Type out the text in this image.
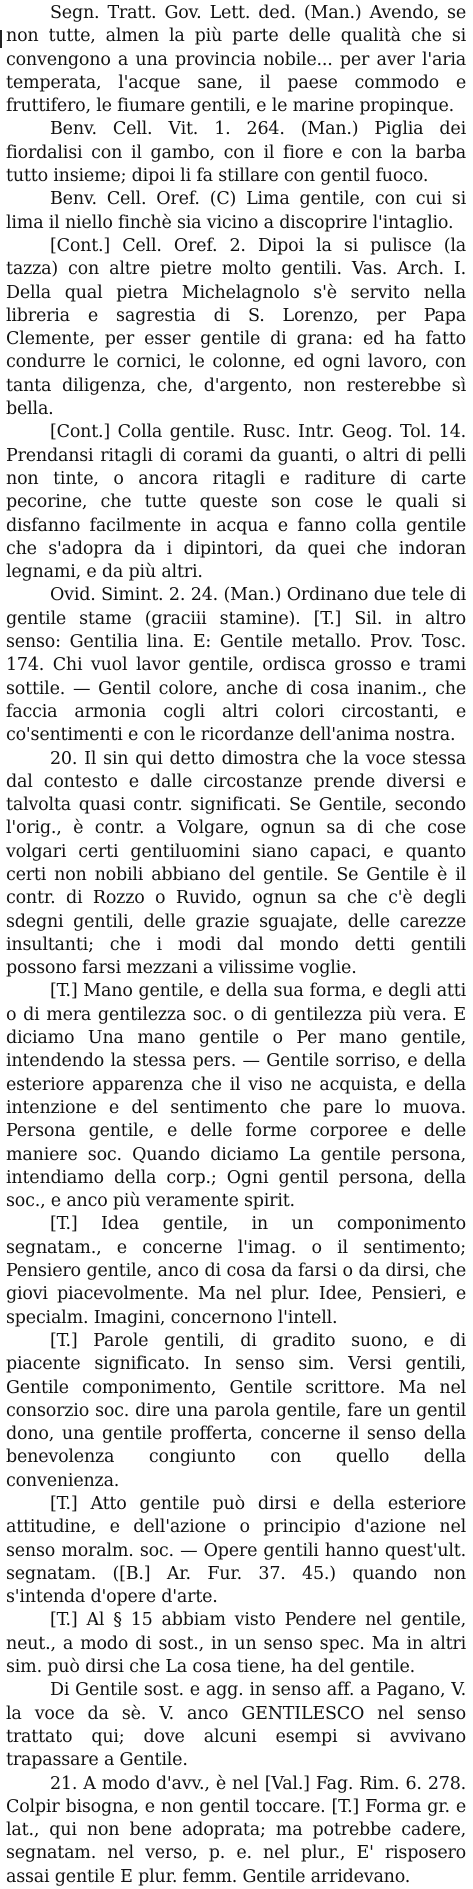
Segn. Tratt. Gov. Lett. ded. (Man.) Avendo, se non tutte, almen la più parte delle qualità che si convengono a una provincia nobile... per aver l'aria temperata, l'acque sane, il paese commodo e fruttifero, le fiumare gentili, e le marine propinque.

Benv. Cell. Vit. 1. 264. (Man.) Piglia dei fiordalisi con il gambo, con il fiore e con la barba tutto insieme; dipoi li fa stillare con gentil fuoco.

Benv. Cell. Oref. (C) Lima gentile, con cui si lima il niello finchè sia vicino a discoprire l'intaglio.

[Cont.] Cell. Oref. 2. Dipoi la si pulisce (la tazza) con altre pietre molto gentili. Vas. Arch. I. Della qual pietra Michelagnolo s'è servito nella libreria e sagrestia di S. Lorenzo, per Papa Clemente, per esser gentile di grana: ed ha fatto condurre le cornici, le colonne, ed ogni lavoro, con tanta diligenza, che, d'argento, non resterebbe sì bella.

[Cont.] Colla gentile. Rusc. Intr. Geog. Tol. 14. Prendansi ritagli di corami da guanti, o altri di pelli non tinte, o ancora ritagli e raditure di carte pecorine, che tutte queste son cose le quali si disfanno facilmente in acqua e fanno colla gentile che s'adopra da i dipintori, da quei che indoran legnami, e da più altri.

Ovid. Simint. 2. 24. (Man.) Ordinano due tele di gentile stame (graciii stamine). [T.] Sil. in altro senso: Gentilia lina. E: Gentile metallo. Prov. Tosc. 174. Chi vuol lavor gentile, ordisca grosso e trami sottile. — Gentil colore, anche di cosa inanim., che faccia armonia cogli altri colori circostanti, e co'sentimenti e con le ricordanze dell'anima nostra.

20. Il sin qui detto dimostra che la voce stessa dal contesto e dalle circostanze prende diversi e talvolta quasi contr. significati. Se Gentile, secondo l'orig., è contr. a Volgare, ognun sa di che cose volgari certi gentiluomini siano capaci, e quanto certi non nobili abbiano del gentile. Se Gentile è il contr. di Rozzo o Ruvido, ognun sa che c'è degli sdegni gentili, delle grazie sguajate, delle carezze insultanti; che i modi dal mondo detti gentili possono farsi mezzani a vilissime voglie.

[T.] Mano gentile, e della sua forma, e degli atti o di mera gentilezza soc. o di gentilezza più vera. E diciamo Una mano gentile o Per mano gentile, intendendo la stessa pers. — Gentile sorriso, e della esteriore apparenza che il viso ne acquista, e della intenzione e del sentimento che pare lo muova. Persona gentile, e delle forme corporee e delle maniere soc. Quando diciamo La gentile persona, intendiamo della corp.; Ogni gentil persona, della soc., e anco più veramente spirit.

[T.] Idea gentile, in un componimento segnatam., e concerne l'imag. o il sentimento; Pensiero gentile, anco di cosa da farsi o da dirsi, che giovi piacevolmente. Ma nel plur. Idee, Pensieri, e specialm. Imagini, concernono l'intell.

[T.] Parole gentili, di gradito suono, e di piacente significato. In senso sim. Versi gentili, Gentile componimento, Gentile scrittore. Ma nel consorzio soc. dire una parola gentile, fare un gentil dono, una gentile profferta, concerne il senso della benevolenza congiunto con quello della convenienza.

[T.] Atto gentile può dirsi e della esteriore attitudine, e dell'azione o principio d'azione nel senso moralm. soc. — Opere gentili hanno quest'ult. segnatam. ([B.] Ar. Fur. 37. 45.) quando non s'intenda d'opere d'arte.

[T.] Al § 15 abbiam visto Pendere nel gentile, neut., a modo di sost., in un senso spec. Ma in altri sim. può dirsi che La cosa tiene, ha del gentile.

Di Gentile sost. e agg. in senso aff. a Pagano, V. la voce da sè. V. anco GENTILESCO nel senso trattato qui; dove alcuni esempi si avvivano trapassare a Gentile.

21. A modo d'avv., è nel [Val.] Fag. Rim. 6. 278. Colpir bisogna, e non gentil toccare. [T.] Forma gr. e lat., qui non bene adoprata; ma potrebbe cadere, segnatam. nel verso, p. e. nel plur., E' risposero assai gentile E plur. femm. Gentile arridevano.
